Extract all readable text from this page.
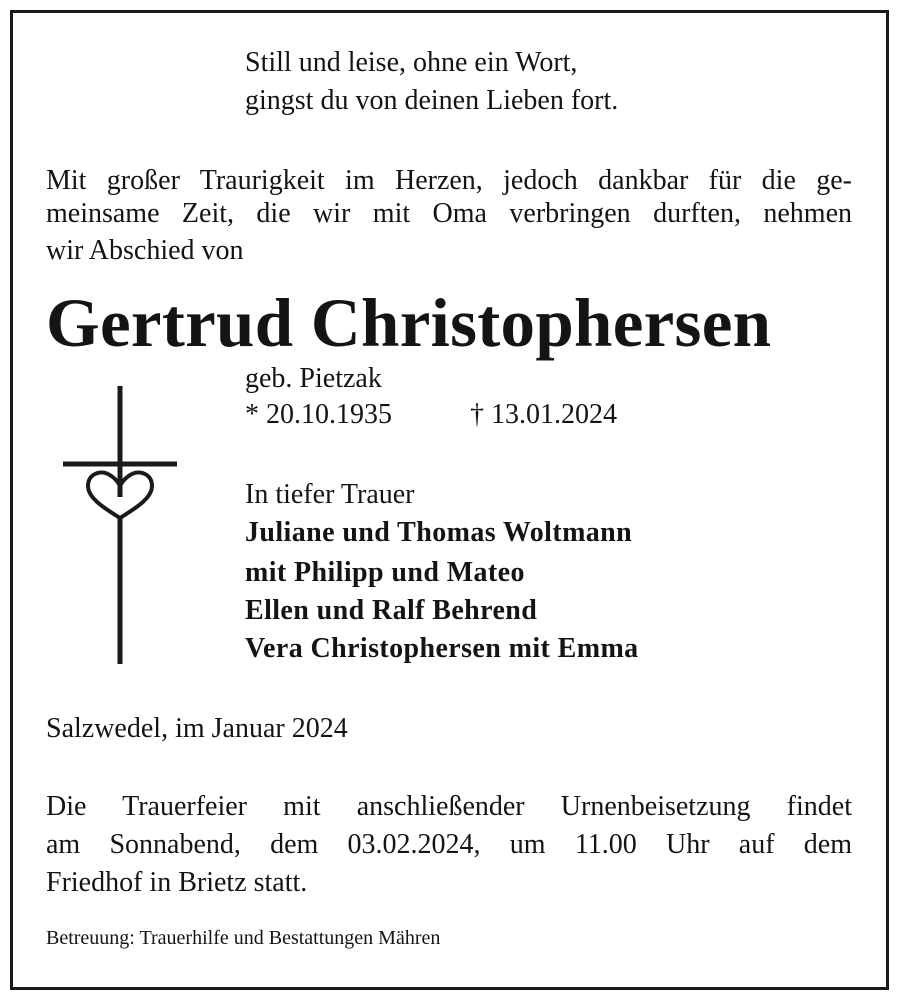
Still und leise, ohne ein Wort,

gingst du von deinen Lieben fort.

Mit großer Traurigkeit im Herzen, jedoch dankbar für die ge-

meinsame Zeit, die wir mit Oma verbringen durften, nehmen

wir Abschied von

Gertrud Christophersen

geb. Pietzak

* 20.10.1935	† 13.01.2024

In tiefer Trauer

Juliane und Thomas Woltmann

mit Philipp und Mateo

Ellen und Ralf Behrend

Vera Christophersen mit Emma

Salzwedel, im Januar 2024

Die Trauerfeier mit anschließender Urnenbeisetzung findet

am Sonnabend, dem 03.02.2024, um 11.00 Uhr auf dem

Friedhof in Brietz statt.

Betreuung: Trauerhilfe und Bestattungen Mähren
